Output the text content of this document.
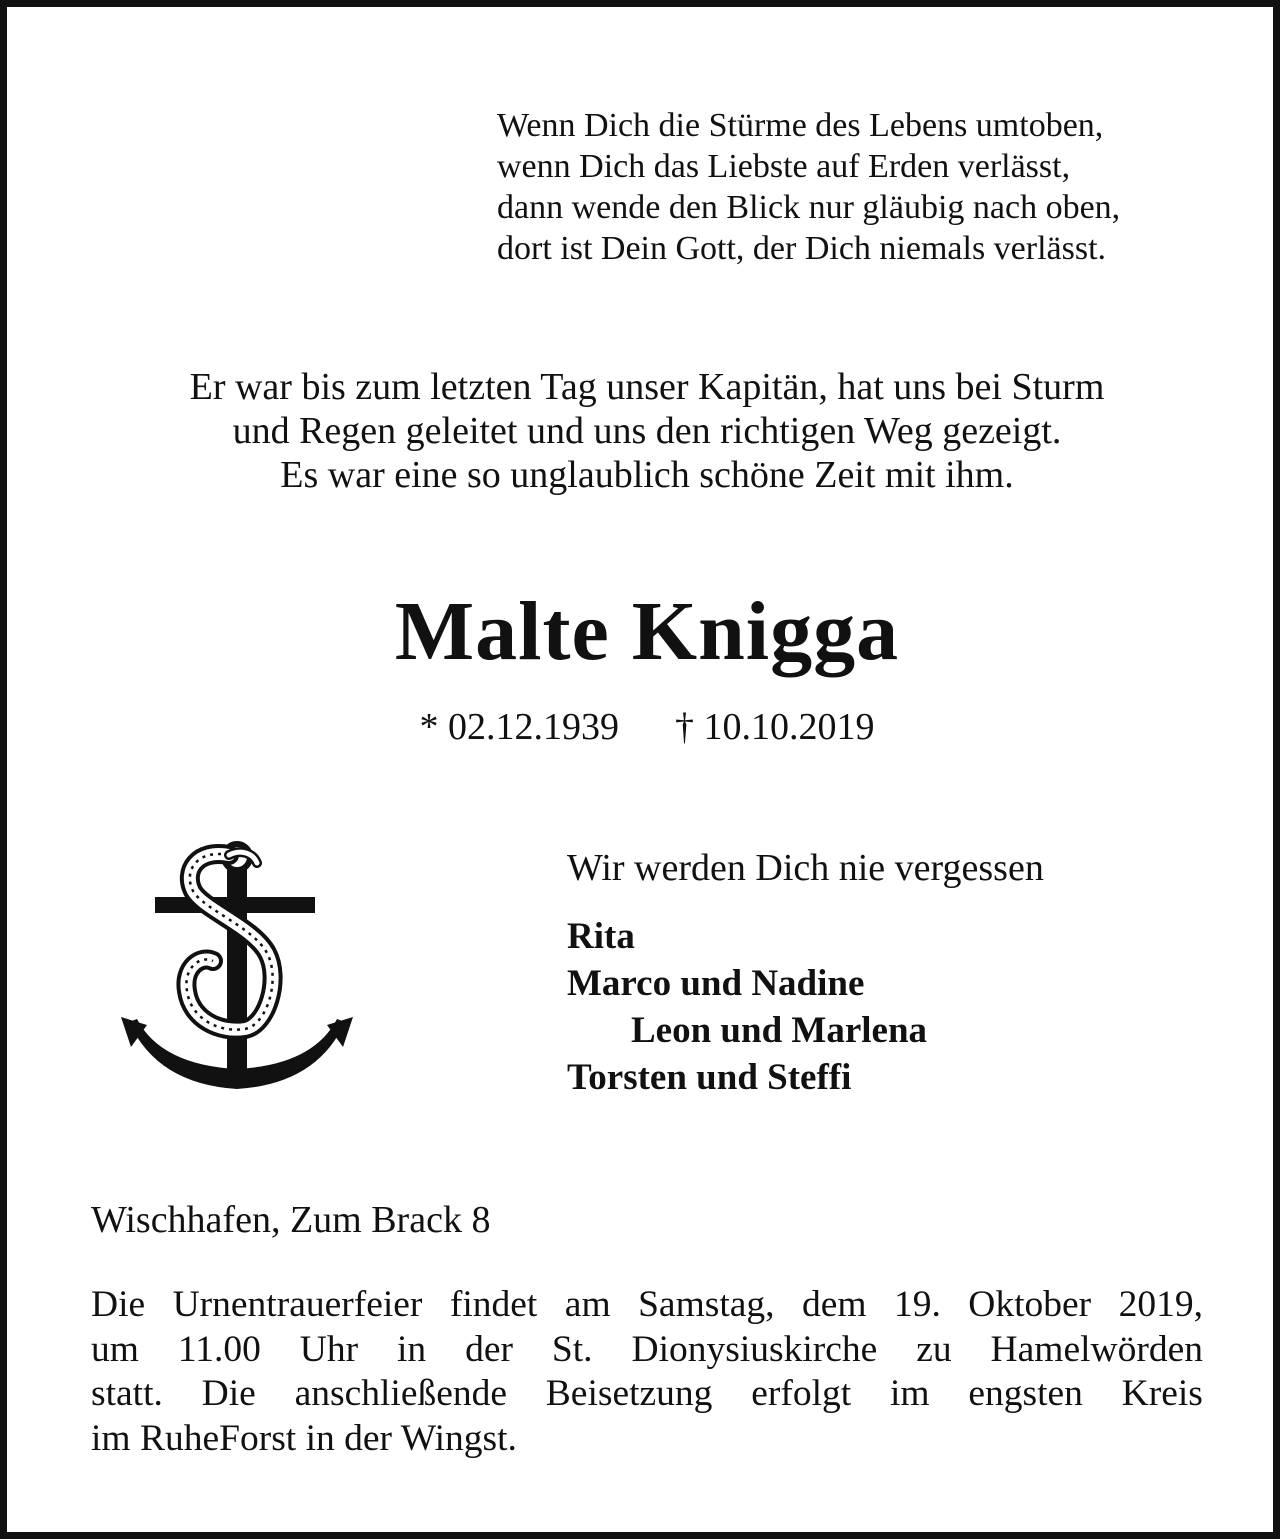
Wenn Dich die Stürme des Lebens umtoben,
wenn Dich das Liebste auf Erden verlässt,
dann wende den Blick nur gläubig nach oben,
dort ist Dein Gott, der Dich niemals verlässt.
Er war bis zum letzten Tag unser Kapitän, hat uns bei Sturm
und Regen geleitet und uns den richtigen Weg gezeigt.
Es war eine so unglaublich schöne Zeit mit ihm.
Malte Knigga
* 02.12.1939 † 10.10.2019
Wir werden Dich nie vergessen
Rita
Marco und Nadine
Leon und Marlena
Torsten und Steffi
Wischhafen, Zum Brack 8
Die Urnentrauerfeier findet am Samstag, dem 19. Oktober 2019,
um 11.00 Uhr in der St. Dionysiuskirche zu Hamelwörden
statt. Die anschließende Beisetzung erfolgt im engsten Kreis
im RuheForst in der Wingst.
